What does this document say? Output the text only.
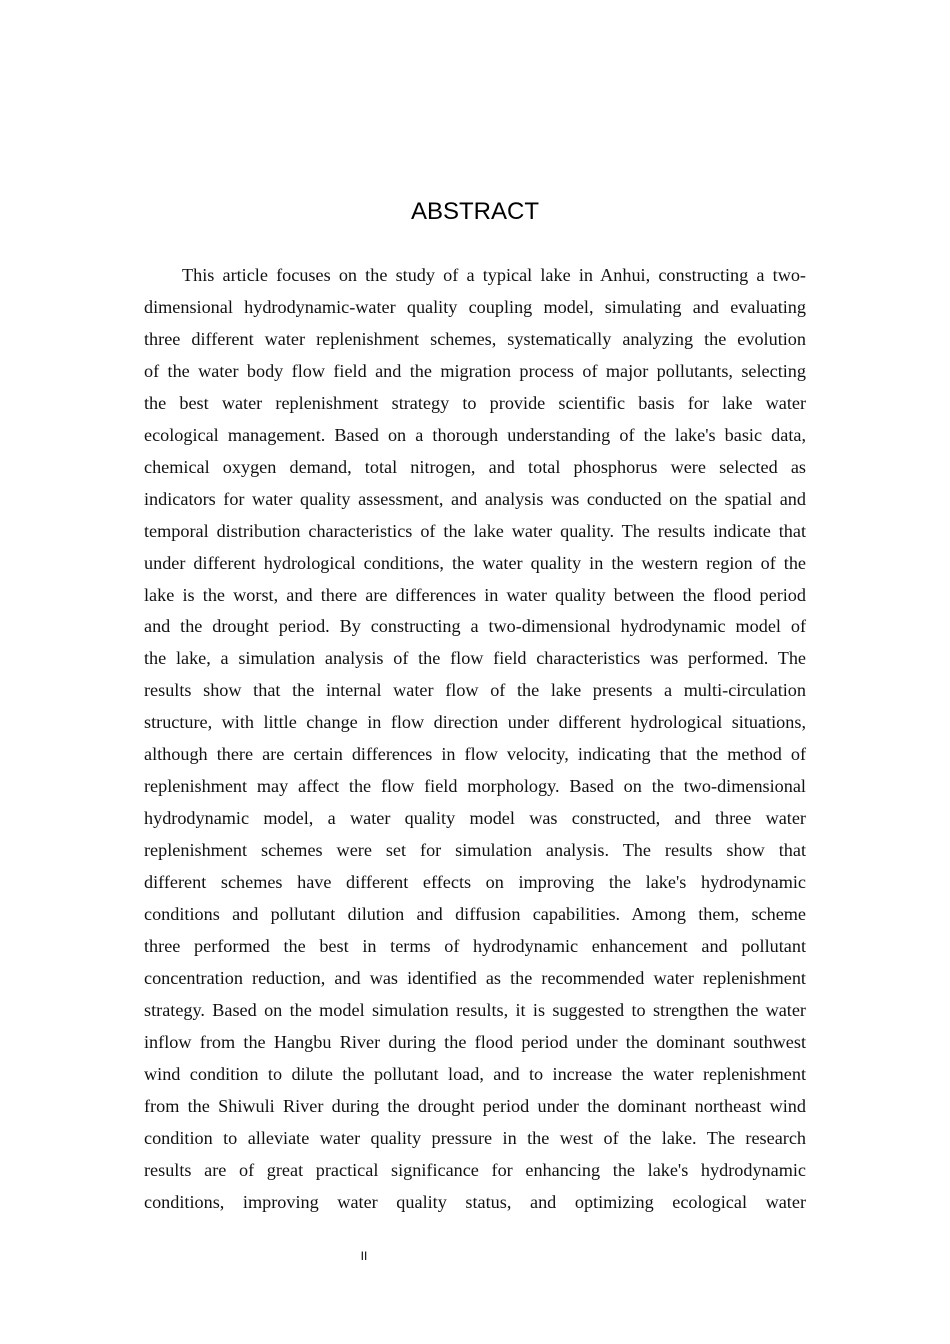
ABSTRACT
This article focuses on the study of a typical lake in Anhui, constructing a two-
dimensional hydrodynamic-water quality coupling model, simulating and evaluating
three different water replenishment schemes, systematically analyzing the evolution
of the water body flow field and the migration process of major pollutants, selecting
the best water replenishment strategy to provide scientific basis for lake water
ecological management. Based on a thorough understanding of the lake's basic data,
chemical oxygen demand, total nitrogen, and total phosphorus were selected as
indicators for water quality assessment, and analysis was conducted on the spatial and
temporal distribution characteristics of the lake water quality. The results indicate that
under different hydrological conditions, the water quality in the western region of the
lake is the worst, and there are differences in water quality between the flood period
and the drought period. By constructing a two-dimensional hydrodynamic model of
the lake, a simulation analysis of the flow field characteristics was performed. The
results show that the internal water flow of the lake presents a multi-circulation
structure, with little change in flow direction under different hydrological situations,
although there are certain differences in flow velocity, indicating that the method of
replenishment may affect the flow field morphology. Based on the two-dimensional
hydrodynamic model, a water quality model was constructed, and three water
replenishment schemes were set for simulation analysis. The results show that
different schemes have different effects on improving the lake's hydrodynamic
conditions and pollutant dilution and diffusion capabilities. Among them, scheme
three performed the best in terms of hydrodynamic enhancement and pollutant
concentration reduction, and was identified as the recommended water replenishment
strategy. Based on the model simulation results, it is suggested to strengthen the water
inflow from the Hangbu River during the flood period under the dominant southwest
wind condition to dilute the pollutant load, and to increase the water replenishment
from the Shiwuli River during the drought period under the dominant northeast wind
condition to alleviate water quality pressure in the west of the lake. The research
results are of great practical significance for enhancing the lake's hydrodynamic
conditions, improving water quality status, and optimizing ecological water
II
